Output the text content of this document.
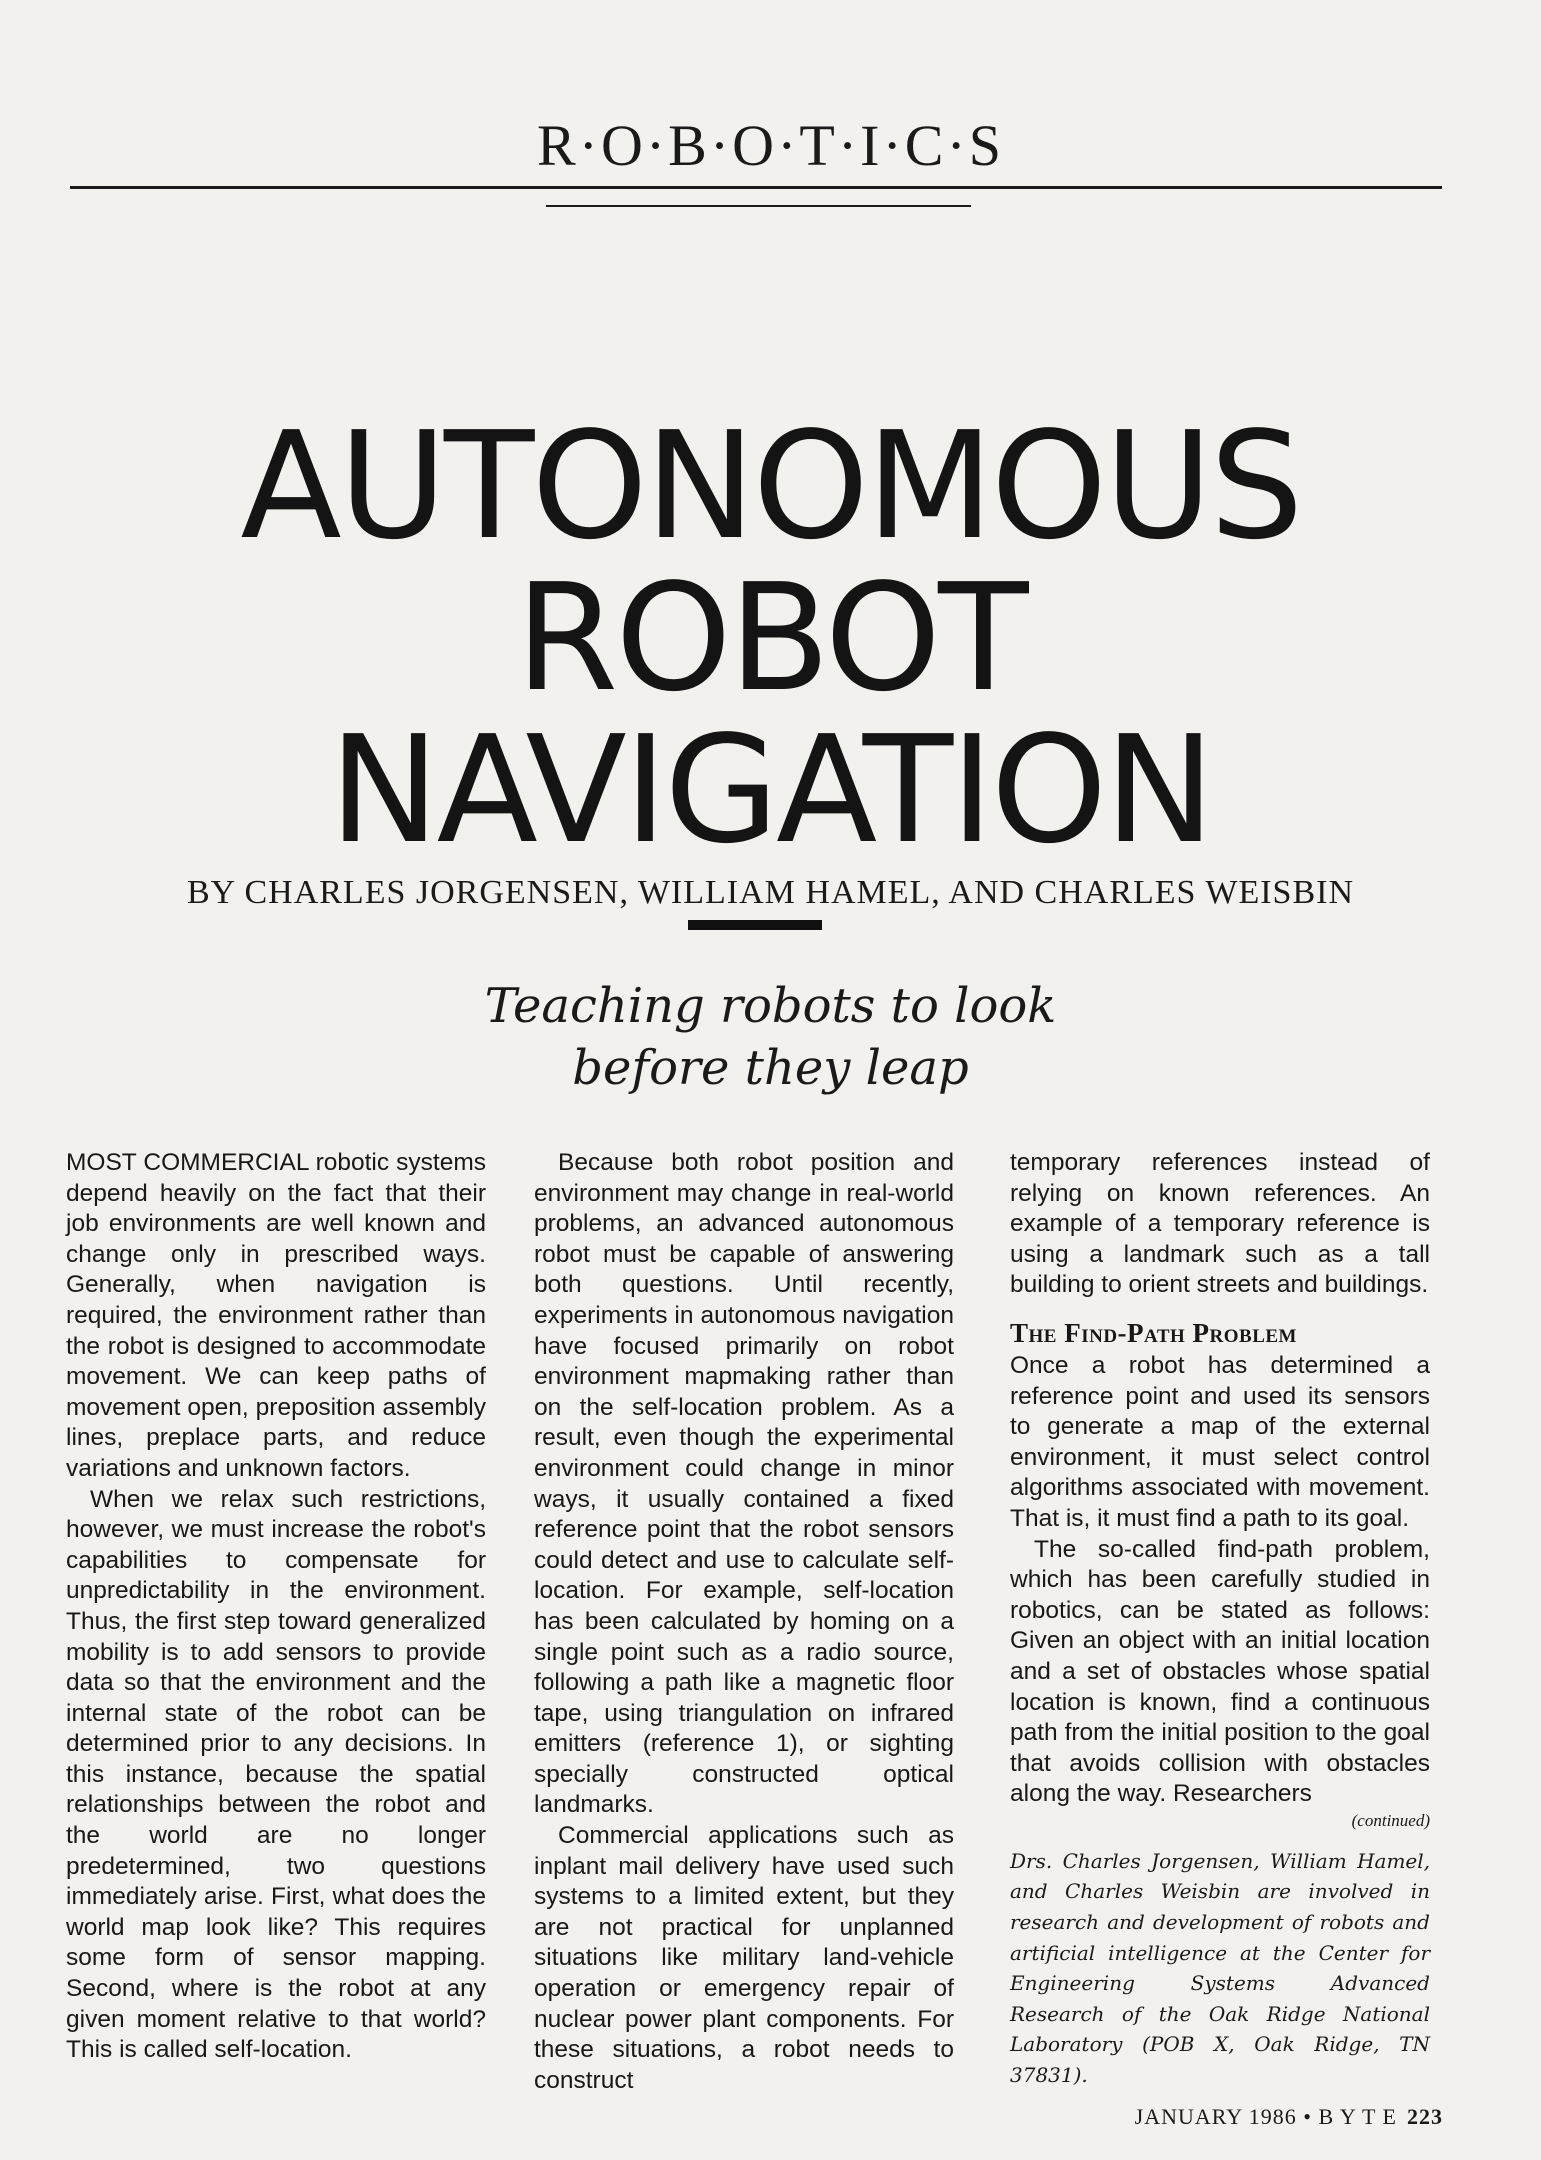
R·O·B·O·T·I·C·S
AUTONOMOUS
ROBOT
NAVIGATION
BY CHARLES JORGENSEN, WILLIAM HAMEL, AND CHARLES WEISBIN
Teaching robots to look
before they leap

MOST COMMERCIAL robotic systems depend heavily on the fact that their job environments are well known and change only in prescribed ways. Generally, when navigation is required, the environment rather than the robot is designed to accommodate movement. We can keep paths of movement open, preposition assembly lines, preplace parts, and reduce variations and unknown factors.

When we relax such restrictions, however, we must increase the robot's capabilities to compensate for unpredictability in the environment. Thus, the first step toward generalized mobility is to add sensors to provide data so that the environment and the internal state of the robot can be determined prior to any decisions. In this instance, because the spatial relationships between the robot and the world are no longer predetermined, two questions immediately arise. First, what does the world map look like? This requires some form of sensor mapping. Second, where is the robot at any given moment relative to that world? This is called self-location.

Because both robot position and environment may change in real-world problems, an advanced autonomous robot must be capable of answering both questions. Until recently, experiments in autonomous navigation have focused primarily on robot environment mapmaking rather than on the self-location problem. As a result, even though the experimental environment could change in minor ways, it usually contained a fixed reference point that the robot sensors could detect and use to calculate self-location. For example, self-location has been calculated by homing on a single point such as a radio source, following a path like a magnetic floor tape, using triangulation on infrared emitters (reference 1), or sighting specially constructed optical landmarks.

Commercial applications such as inplant mail delivery have used such systems to a limited extent, but they are not practical for unplanned situations like military land-vehicle operation or emergency repair of nuclear power plant components. For these situations, a robot needs to construct

temporary references instead of relying on known references. An example of a temporary reference is using a landmark such as a tall building to orient streets and buildings.

The Find-Path Problem

Once a robot has determined a reference point and used its sensors to generate a map of the external environment, it must select control algorithms associated with movement. That is, it must find a path to its goal.

The so-called find-path problem, which has been carefully studied in robotics, can be stated as follows: Given an object with an initial location and a set of obstacles whose spatial location is known, find a continuous path from the initial position to the goal that avoids collision with obstacles along the way. Researchers

(continued)
Drs. Charles Jorgensen, William Hamel, and Charles Weisbin are involved in research and development of robots and artificial intelligence at the Center for Engineering Systems Advanced Research of the Oak Ridge National Laboratory (POB X, Oak Ridge, TN 37831).
JANUARY 1986 • B Y T E 223
